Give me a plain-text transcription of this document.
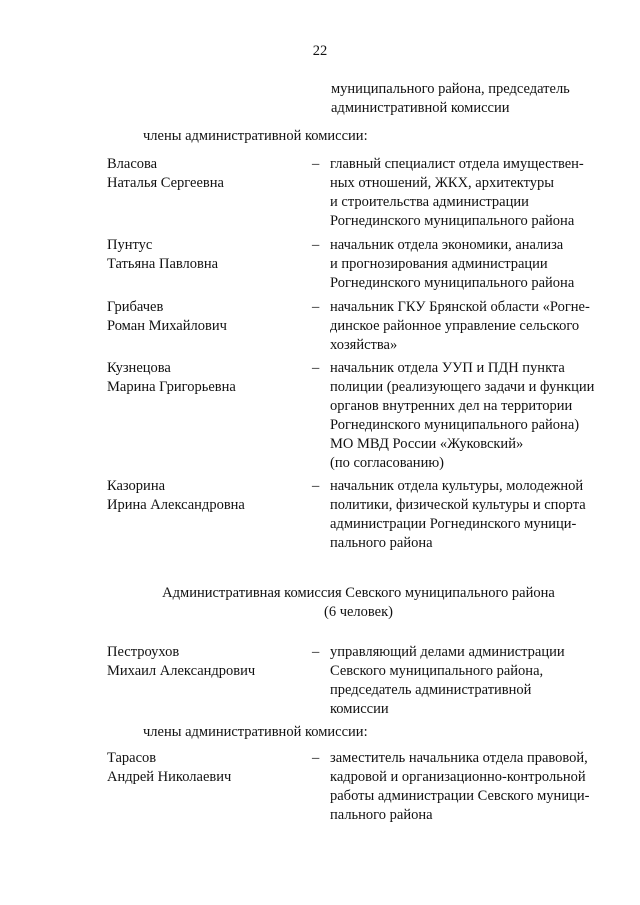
22
муниципального района, председатель
административной комиссии
члены административной комиссии:
Власова
Наталья Сергеевна
– главный специалист отдела имуществен-
ных отношений, ЖКХ, архитектуры
и строительства администрации
Рогнединского муниципального района
Пунтус
Татьяна Павловна
– начальник отдела экономики, анализа
и прогнозирования администрации
Рогнединского муниципального района
Грибачев
Роман Михайлович
– начальник ГКУ Брянской области «Рогне-
динское районное управление сельского
хозяйства»
Кузнецова
Марина Григорьевна
– начальник отдела УУП и ПДН пункта
полиции (реализующего задачи и функции
органов внутренних дел на территории
Рогнединского муниципального района)
МО МВД России «Жуковский»
(по согласованию)
Казорина
Ирина Александровна
– начальник отдела культуры, молодежной
политики, физической культуры и спорта
администрации Рогнединского муници-
пального района
Административная комиссия Севского муниципального района
(6 человек)
Пестроухов
Михаил Александрович
– управляющий делами администрации
Севского муниципального района,
председатель административной
комиссии
члены административной комиссии:
Тарасов
Андрей Николаевич
– заместитель начальника отдела правовой,
кадровой и организационно-контрольной
работы администрации Севского муници-
пального района
